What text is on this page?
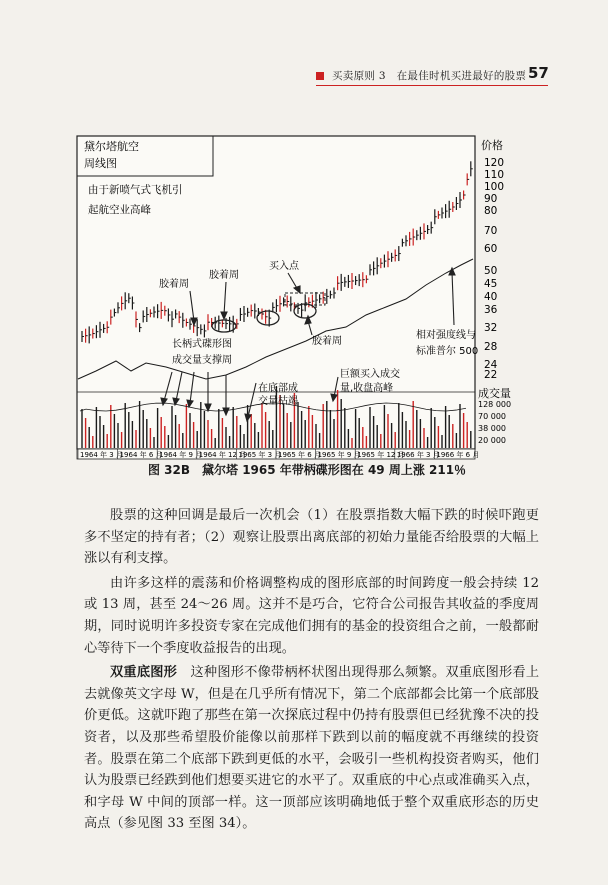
买卖原则 3　在最佳时机买进最好的股票 57
黛尔塔航空
周线图
由于新喷气式飞机引
起航空业高峰
价格
120
110
100
90
80
70
60
50
45
40
36
32
28
24
22
成交量
128 000
70 000
38 000
20 000
1964 年 3 月
1964 年 6 月
1964 年 9 月
1964 年 12 月
1965 年 3 月
1965 年 6 月
1965 年 9 月
1965 年 12 月
1966 年 3 月
1966 年 6 月
胶着周
胶着周
买入点
胶着周
长柄式碟形图
成交量支撑周
在底部成
交量枯竭
巨额买入成交
量,收盘高峰
相对强度线与
标准普尔 500
图 32B　黛尔塔 1965 年带柄碟形图在 49 周上涨 211％

股票的这种回调是最后一次机会（1）在股票指数大幅下跌的时候吓跑更多不坚定的持有者；（2）观察让股票出离底部的初始力量能否给股票的大幅上涨以有利支撑。

由许多这样的震荡和价格调整构成的图形底部的时间跨度一般会持续 12 或 13 周，甚至 24～26 周。这并不是巧合，它符合公司报告其收益的季度周期，同时说明许多投资专家在完成他们拥有的基金的投资组合之前，一般都耐心等待下一个季度收益报告的出现。

双重底图形　 这种图形不像带柄杯状图出现得那么频繁。双重底图形看上去就像英文字母 W，但是在几乎所有情况下，第二个底部都会比第一个底部股价更低。这就吓跑了那些在第一次探底过程中仍持有股票但已经犹豫不决的投资者，以及那些希望股价能像以前那样下跌到以前的幅度就不再继续的投资者。股票在第二个底部下跌到更低的水平，会吸引一些机构投资者购买，他们认为股票已经跌到他们想要买进它的水平了。双重底的中心点或准确买入点，和字母 W 中间的顶部一样。这一顶部应该明确地低于整个双重底形态的历史高点（参见图 33 至图 34）。
